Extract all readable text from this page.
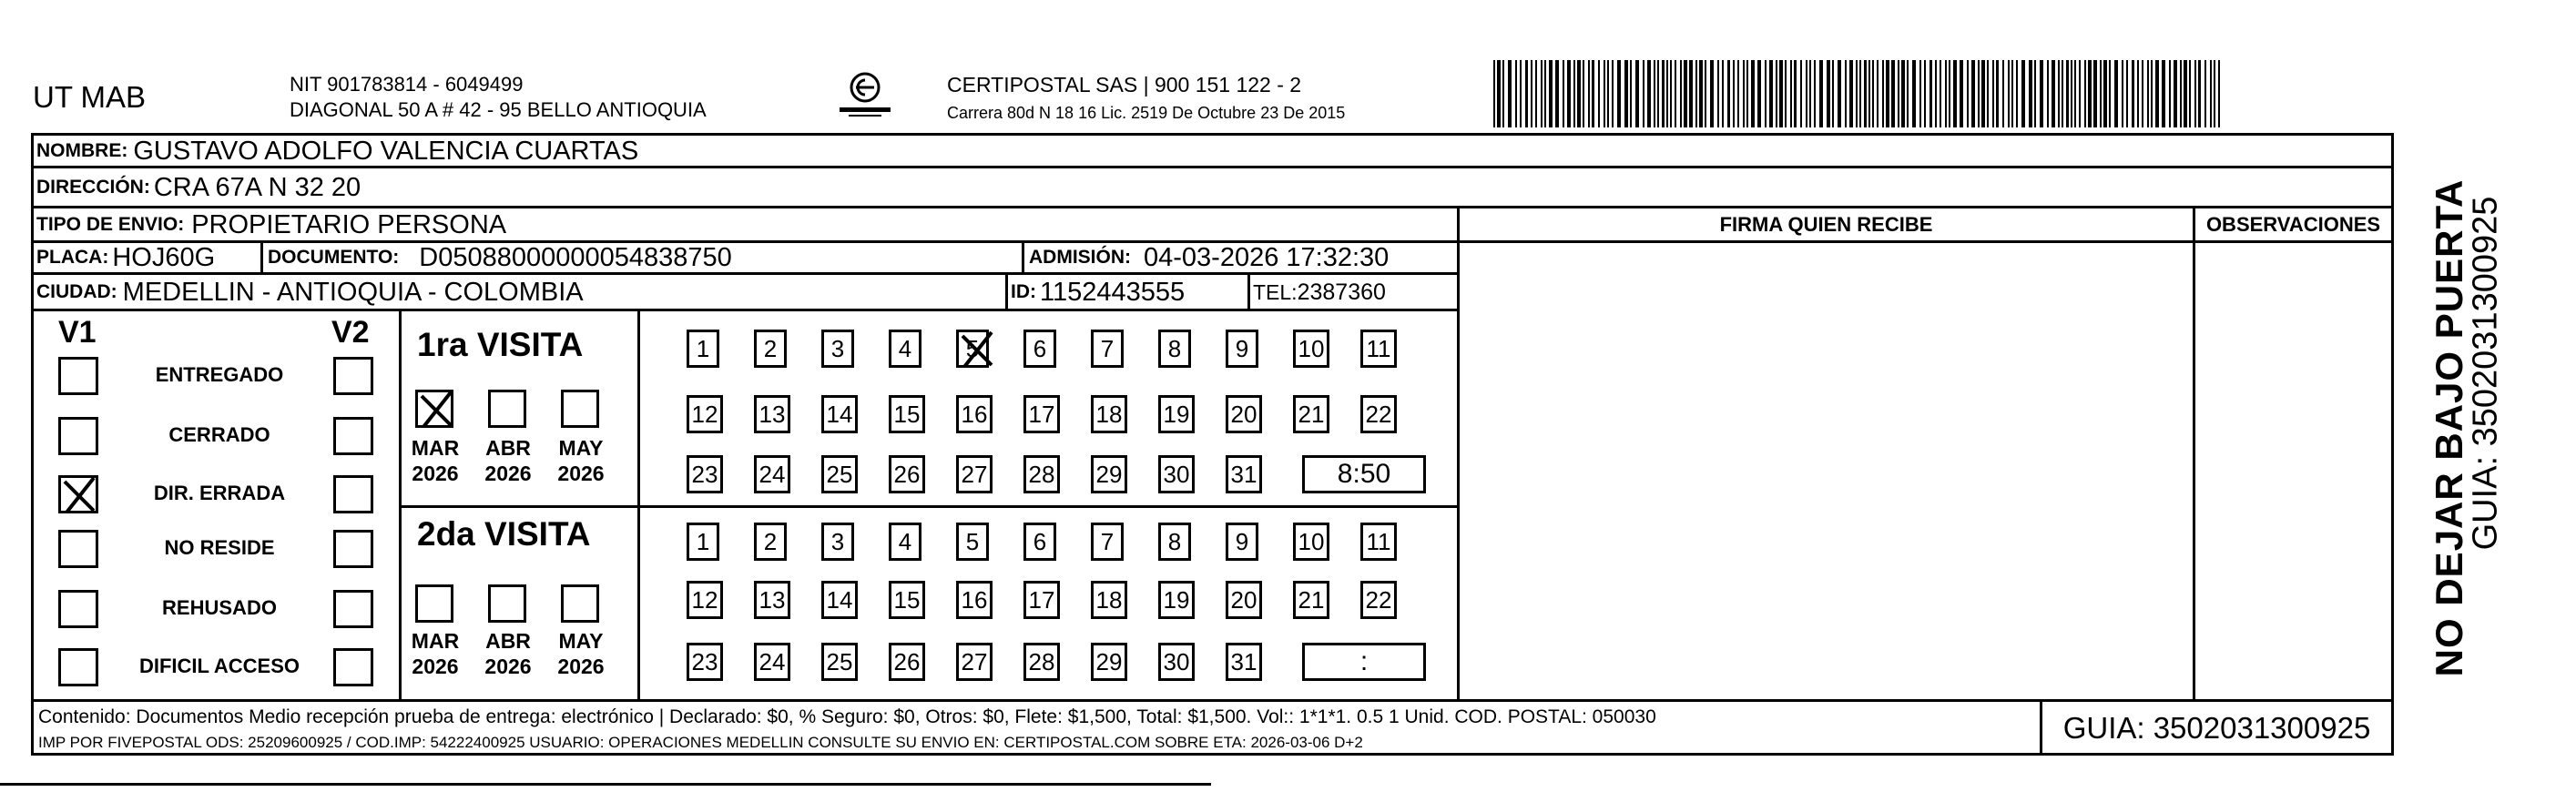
UT MAB	NIT 901783814 - 6049499
DIAGONAL 50 A # 42 - 95 BELLO ANTIOQUIA
CERTIPOSTAL SAS | 900 151 122 - 2
Carrera 80d N 18 16 Lic. 2519 De Octubre 23 De 2015
NOMBRE: GUSTAVO ADOLFO VALENCIA CUARTAS
DIRECCIÓN: CRA 67A N 32 20
TIPO DE ENVIO: PROPIETARIO PERSONA	FIRMA QUIEN RECIBE	OBSERVACIONES
PLACA: HOJ60G	DOCUMENTO: D05088000000054838750	ADMISIÓN: 04-03-2026 17:32:30
CIUDAD: MEDELLIN - ANTIOQUIA - COLOMBIA	ID: 1152443555	TEL: 2387360
V1	V2
ENTREGADO
CERRADO
DIR. ERRADA
NO RESIDE
REHUSADO
DIFICIL ACCESO
1ra VISITA
2da VISITA
MAR
2026
ABR
2026
MAY
2026
MAR
2026
ABR
2026
MAY
2026
1	2	3	4	5	6	7	8	9	10 11
12 13 14 15 16 17 18 19 20 21 22
23 24 25 26 27 28 29 30 31	8:50
1	2	3	4	5	6	7	8	9	10 11
12 13 14 15 16 17 18 19 20 21 22
23 24 25 26 27 28 29 30 31	:
Contenido: Documentos Medio recepción prueba de entrega: electrónico | Declarado: $0, % Seguro: $0, Otros: $0, Flete: $1,500, Total: $1,500. Vol:: 1*1*1. 0.5 1 Unid. COD. POSTAL: 050030
IMP POR FIVEPOSTAL ODS: 25209600925 / COD.IMP: 54222400925 USUARIO: OPERACIONES MEDELLIN CONSULTE SU ENVIO EN: CERTIPOSTAL.COM SOBRE ETA: 2026-03-06 D+2	GUIA: 3502031300925
NO DEJAR BAJO PUERTA
GUIA: 3502031300925
